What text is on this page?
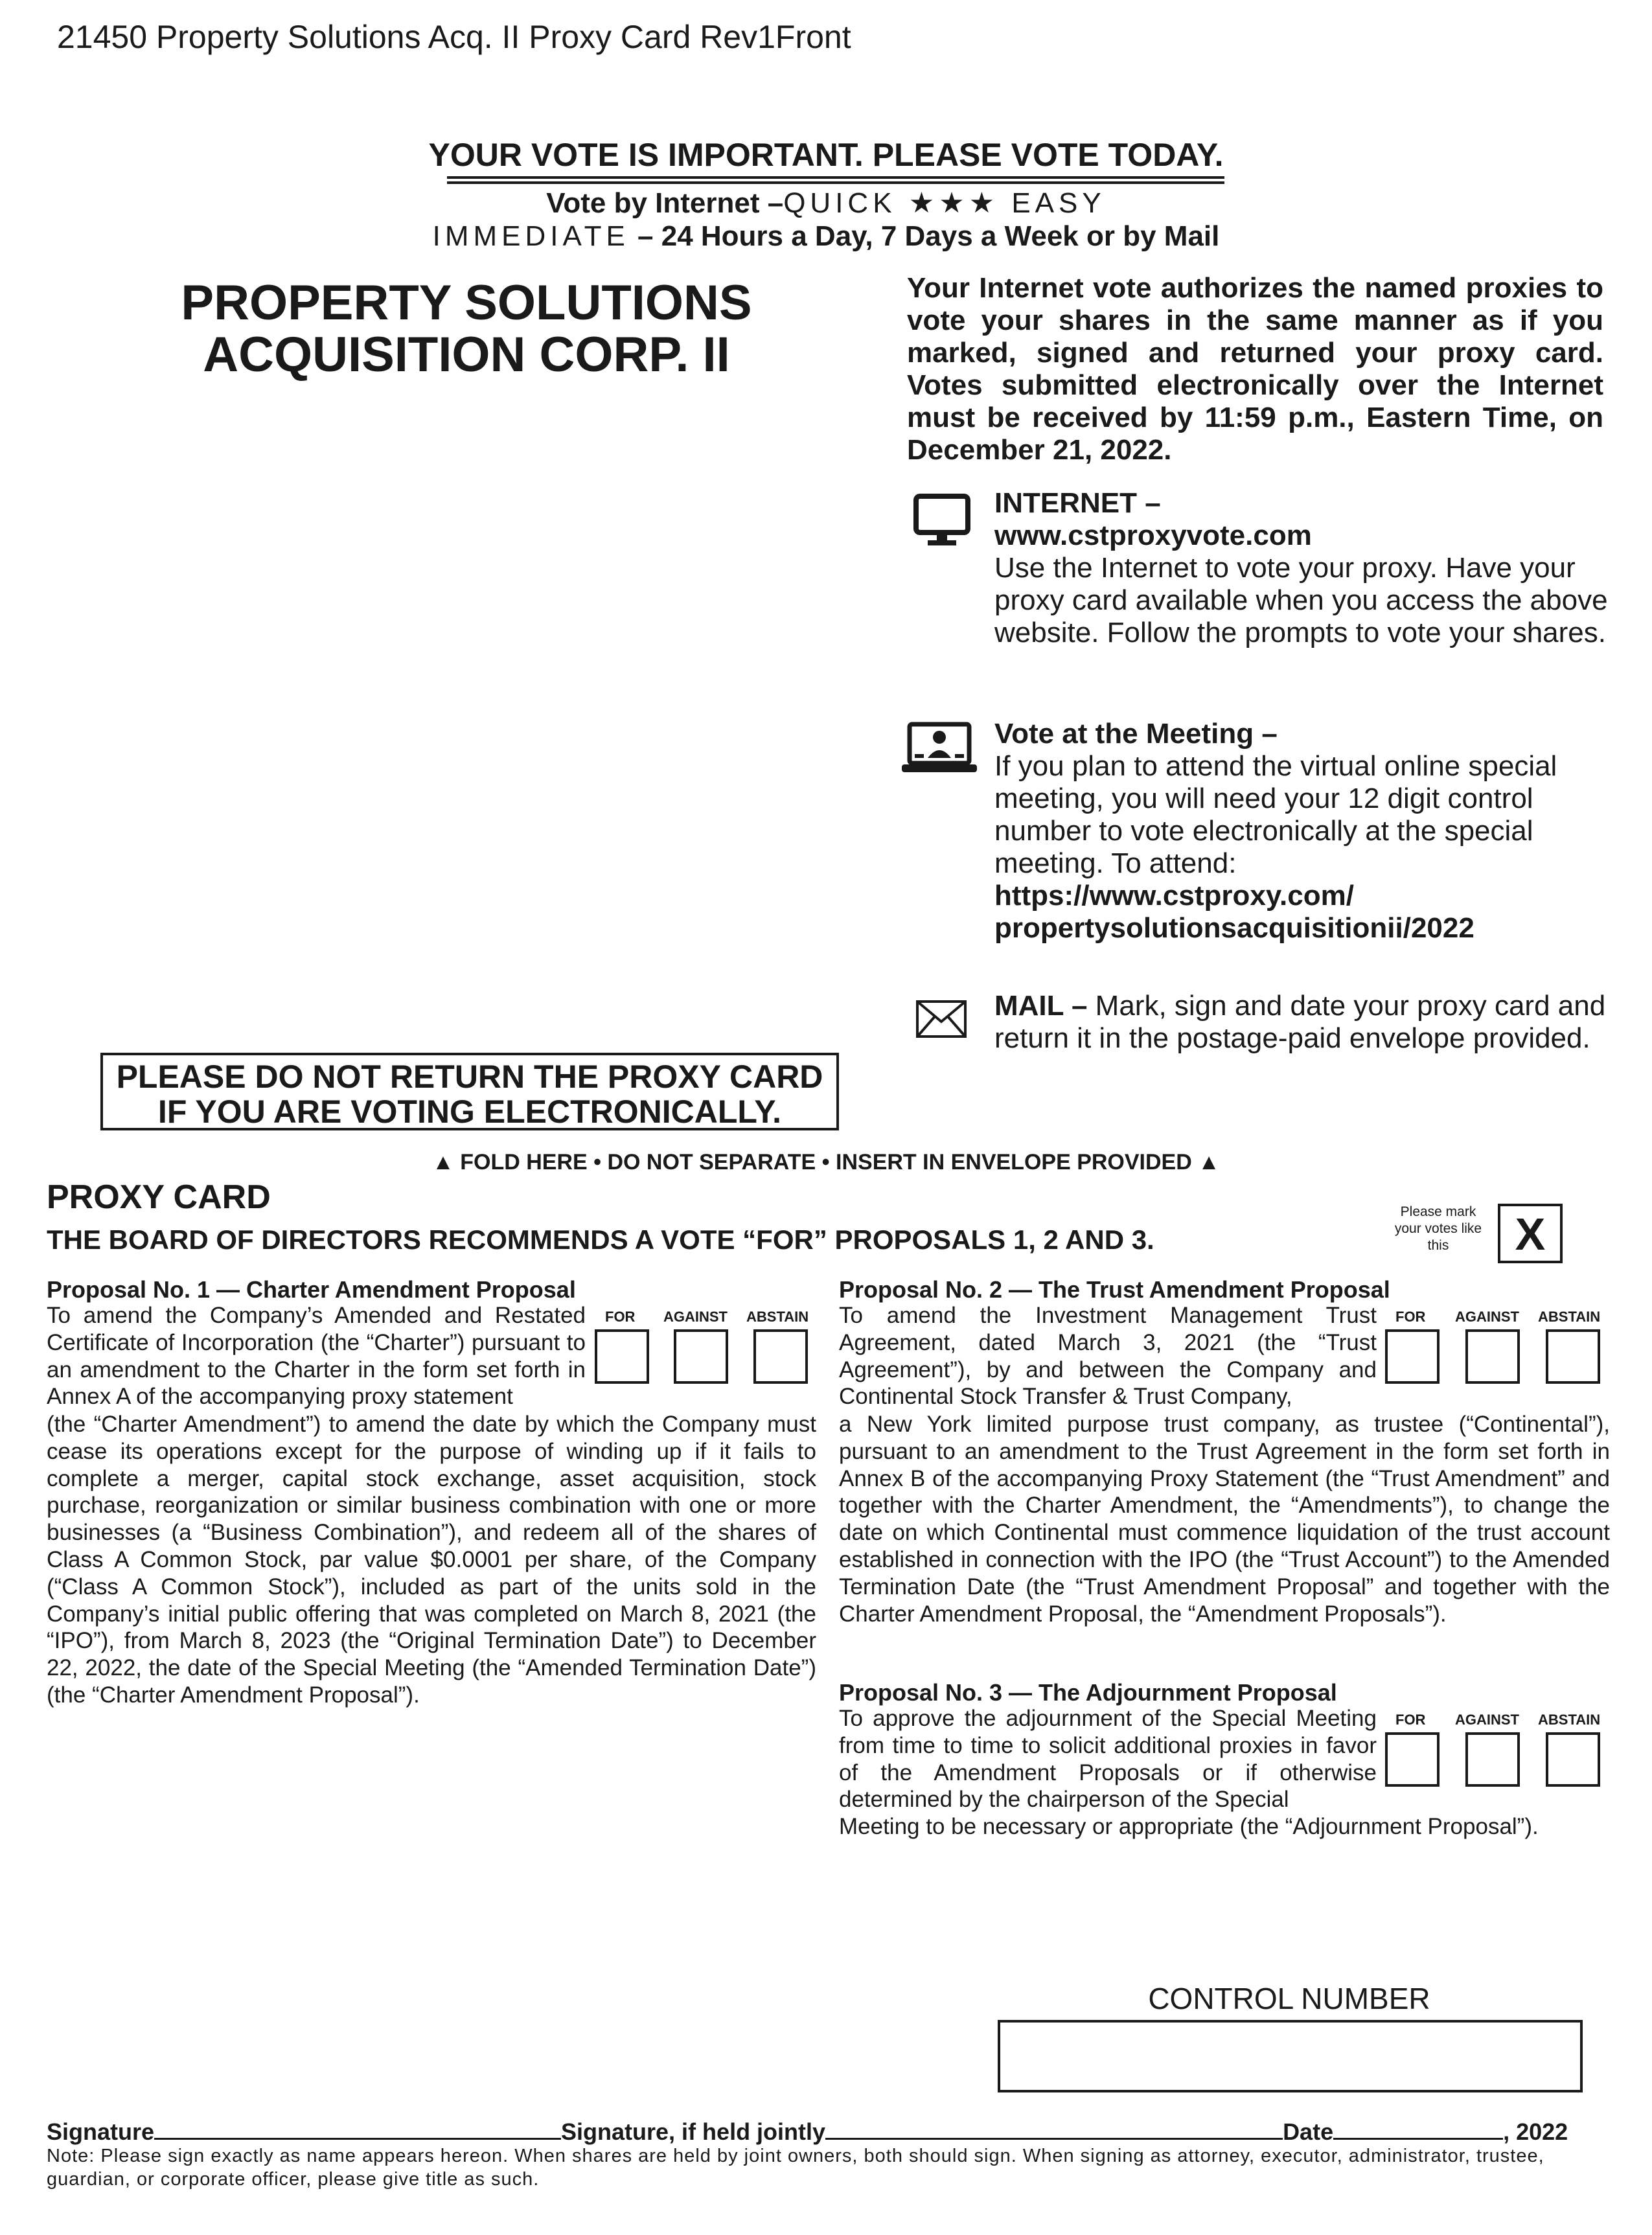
21450 Property Solutions Acq. II Proxy Card Rev1Front
YOUR VOTE IS IMPORTANT. PLEASE VOTE TODAY.
Vote by Internet –QUICK ★★★ EASY
IMMEDIATE – 24 Hours a Day, 7 Days a Week or by Mail
PROPERTY SOLUTIONS
ACQUISITION CORP. II
Your Internet vote authorizes the named proxies to vote your shares in the same manner as if you marked, signed and returned your proxy card. Votes submitted electronically over the Internet must be received by 11:59 p.m., Eastern Time, on December 21, 2022.
INTERNET –
www.cstproxyvote.com
Use the Internet to vote your proxy. Have your proxy card available when you access the above website. Follow the prompts to vote your shares.
Vote at the Meeting –
If you plan to attend the virtual online special meeting, you will need your 12 digit control number to vote electronically at the special meeting. To attend:
https://www.cstproxy.com/
propertysolutionsacquisitionii/2022
MAIL – Mark, sign and date your proxy card and return it in the postage-paid envelope provided.
PLEASE DO NOT RETURN THE PROXY CARD
IF YOU ARE VOTING ELECTRONICALLY.
▲ FOLD HERE • DO NOT SEPARATE • INSERT IN ENVELOPE PROVIDED ▲
PROXY CARD
THE BOARD OF DIRECTORS RECOMMENDS A VOTE “FOR” PROPOSALS 1, 2 AND 3.
Please mark your votes like this	X
Proposal No. 1 — Charter Amendment Proposal
To amend the Company’s Amended and Restated Certificate of Incorporation (the “Charter”) pursuant to an amendment to the Charter in the form set forth in Annex A of the accompanying proxy statement
(the “Charter Amendment”) to amend the date by which the Company must cease its operations except for the purpose of winding up if it fails to complete a merger, capital stock exchange, asset acquisition, stock purchase, reorganization or similar business combination with one or more businesses (a “Business Combination”), and redeem all of the shares of Class A Common Stock, par value $0.0001 per share, of the Company (“Class A Common Stock”), included as part of the units sold in the Company’s initial public offering that was completed on March 8, 2021 (the “IPO”), from March 8, 2023 (the “Original Termination Date”) to December 22, 2022, the date of the Special Meeting (the “Amended Termination Date”) (the “Charter Amendment Proposal”).
FOR AGAINST ABSTAIN
Proposal No. 2 — The Trust Amendment Proposal
To amend the Investment Management Trust Agreement, dated March 3, 2021 (the “Trust Agreement”), by and between the Company and Continental Stock Transfer & Trust Company,
a New York limited purpose trust company, as trustee (“Continental”), pursuant to an amendment to the Trust Agreement in the form set forth in Annex B of the accompanying Proxy Statement (the “Trust Amendment” and together with the Charter Amendment, the “Amendments”), to change the date on which Continental must commence liquidation of the trust account established in connection with the IPO (the “Trust Account”) to the Amended Termination Date (the “Trust Amendment Proposal” and together with the Charter Amendment Proposal, the “Amendment Proposals”).
FOR AGAINST ABSTAIN
Proposal No. 3 — The Adjournment Proposal
To approve the adjournment of the Special Meeting from time to time to solicit additional proxies in favor of the Amendment Proposals or if otherwise determined by the chairperson of the Special
Meeting to be necessary or appropriate (the “Adjournment Proposal”).
FOR AGAINST ABSTAIN
CONTROL NUMBER
Signature	Signature, if held jointly	Date	, 2022
Note: Please sign exactly as name appears hereon. When shares are held by joint owners, both should sign. When signing as attorney, executor, administrator, trustee, guardian, or corporate officer, please give title as such.
